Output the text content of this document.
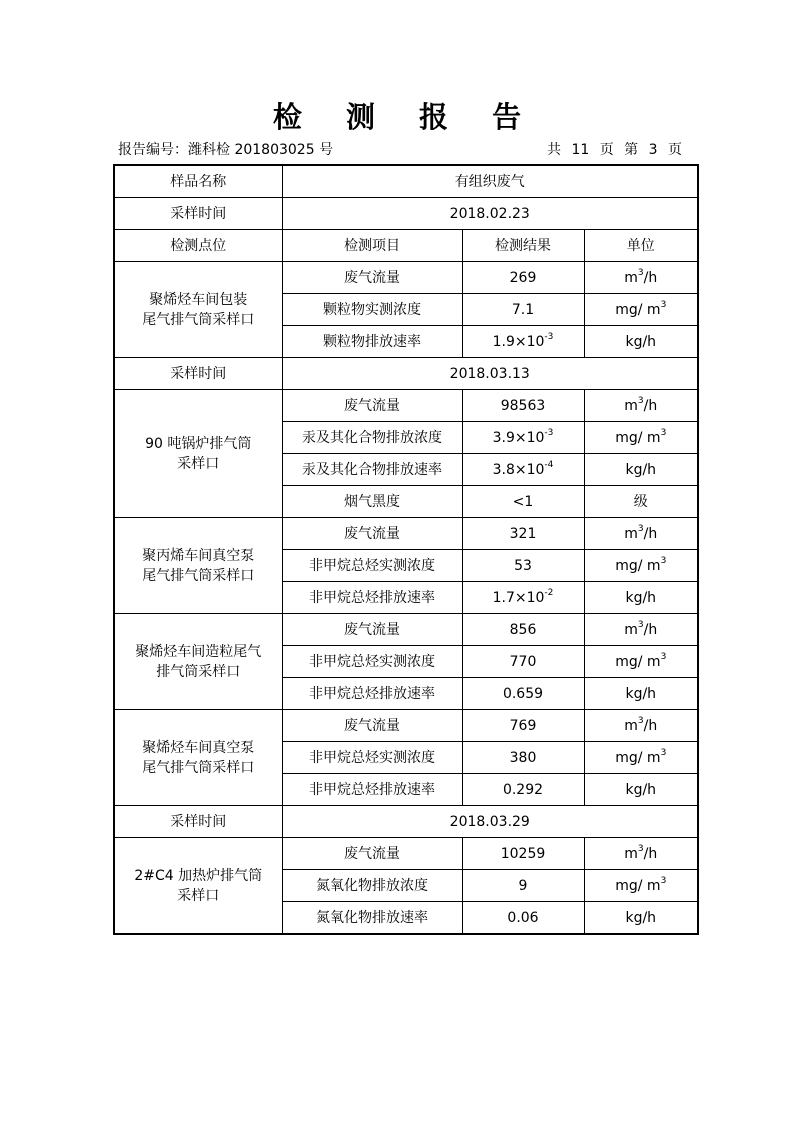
检 测 报 告
报告编号：潍科检 201803025 号	共 11 页 第 3 页
样品名称	有组织废气		
采样时间	2018.02.23		
检测点位	检测项目	检测结果	单位

聚烯烃车间包装
尾气排气筒采样口	废气流量	269	$m^3/h$
	颗粒物实测浓度	7.1	mg/ $m^3$
	颗粒物排放速率	$1.9\times 10^{-3}$	kg/h
采样时间	2018.03.13		

90 吨锅炉排气筒
采样口	废气流量	98563	$m^3/h$
	汞及其化合物排放浓度	$3.9\times 10^{-3}$	mg/ $m^3$
	汞及其化合物排放速率	$3.8\times 10^{-4}$	kg/h
	烟气黑度	<1	级

聚丙烯车间真空泵
尾气排气筒采样口	废气流量	321	$m^3/h$
	非甲烷总烃实测浓度	53	mg/ $m^3$
	非甲烷总烃排放速率	$1.7\times 10^{-2}$	kg/h

聚烯烃车间造粒尾气
排气筒采样口	废气流量	856	$m^3/h$
	非甲烷总烃实测浓度	770	mg/ $m^3$
	非甲烷总烃排放速率	0.659	kg/h

聚烯烃车间真空泵
尾气排气筒采样口	废气流量	769	$m^3/h$
	非甲烷总烃实测浓度	380	mg/ $m^3$
	非甲烷总烃排放速率	0.292	kg/h
采样时间	2018.03.29		

2#C4 加热炉排气筒
采样口	废气流量	10259	$m^3/h$
	氮氧化物排放浓度	9	mg/ $m^3$
	氮氧化物排放速率	0.06	kg/h
